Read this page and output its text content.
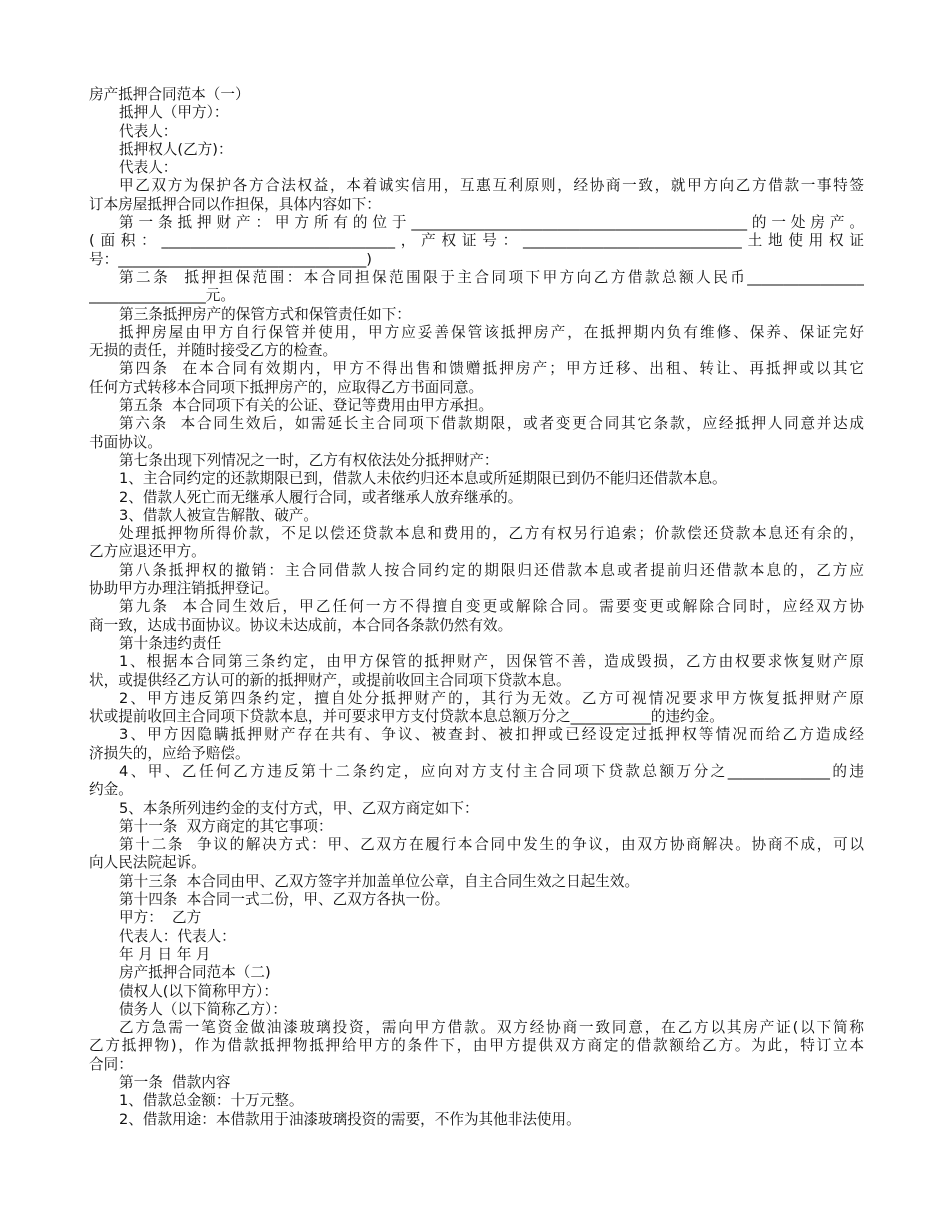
房产抵押合同范本（一）
抵押人（甲方）：
代表人：
抵押权人(乙方)：
代表人：
甲乙双方为保护各方合法权益，本着诚实信用，互惠互利原则，经协商一致，就甲方向乙方借款一事特签
订本房屋抵押合同以作担保，具体内容如下：
第一条抵押财产：甲方所有的位于______________________________________________的一处房产。
(面积：________________________________，产权证号：______________________________土地使用权证
号：__________________________________)
第二条  抵押担保范围：本合同担保范围限于主合同项下甲方向乙方借款总额人民币________________
________________元。
第三条抵押房产的保管方式和保管责任如下：
抵押房屋由甲方自行保管并使用，甲方应妥善保管该抵押房产，在抵押期内负有维修、保养、保证完好
无损的责任，并随时接受乙方的检查。
第四条  在本合同有效期内，甲方不得出售和馈赠抵押房产；甲方迁移、出租、转让、再抵押或以其它
任何方式转移本合同项下抵押房产的，应取得乙方书面同意。
第五条  本合同项下有关的公证、登记等费用由甲方承担。
第六条  本合同生效后，如需延长主合同项下借款期限，或者变更合同其它条款，应经抵押人同意并达成
书面协议。
第七条出现下列情况之一时，乙方有权依法处分抵押财产：
1、主合同约定的还款期限已到，借款人未依约归还本息或所延期限已到仍不能归还借款本息。
2、借款人死亡而无继承人履行合同，或者继承人放弃继承的。
3、借款人被宣告解散、破产。
处理抵押物所得价款，不足以偿还贷款本息和费用的，乙方有权另行追索；价款偿还贷款本息还有余的，
乙方应退还甲方。
第八条抵押权的撤销：主合同借款人按合同约定的期限归还借款本息或者提前归还借款本息的，乙方应
协助甲方办理注销抵押登记。
第九条  本合同生效后，甲乙任何一方不得擅自变更或解除合同。需要变更或解除合同时，应经双方协
商一致，达成书面协议。协议未达成前，本合同各条款仍然有效。
第十条违约责任
1、根据本合同第三条约定，由甲方保管的抵押财产，因保管不善，造成毁损，乙方由权要求恢复财产原
状，或提供经乙方认可的新的抵押财产，或提前收回主合同项下贷款本息。
2、甲方违反第四条约定，擅自处分抵押财产的，其行为无效。乙方可视情况要求甲方恢复抵押财产原
状或提前收回主合同项下贷款本息，并可要求甲方支付贷款本息总额万分之___________的违约金。
3、甲方因隐瞒抵押财产存在共有、争议、被查封、被扣押或已经设定过抵押权等情况而给乙方造成经
济损失的，应给予赔偿。
4、甲、乙任何乙方违反第十二条约定，应向对方支付主合同项下贷款总额万分之______________的违
约金。
5、本条所列违约金的支付方式，甲、乙双方商定如下：
第十一条  双方商定的其它事项：
第十二条  争议的解决方式：甲、乙双方在履行本合同中发生的争议，由双方协商解决。协商不成，可以
向人民法院起诉。
第十三条  本合同由甲、乙双方签字并加盖单位公章，自主合同生效之日起生效。
第十四条  本合同一式二份，甲、乙双方各执一份。
甲方：  乙方
代表人：代表人：
年 月 日 年 月
房产抵押合同范本（二)
债权人(以下简称甲方）：
债务人（以下简称乙方）：
乙方急需一笔资金做油漆玻璃投资，需向甲方借款。双方经协商一致同意，在乙方以其房产证(以下简称
乙方抵押物)，作为借款抵押物抵押给甲方的条件下，由甲方提供双方商定的借款额给乙方。为此，特订立本
合同：
第一条  借款内容
1、借款总金额：十万元整。
2、借款用途：本借款用于油漆玻璃投资的需要，不作为其他非法使用。
